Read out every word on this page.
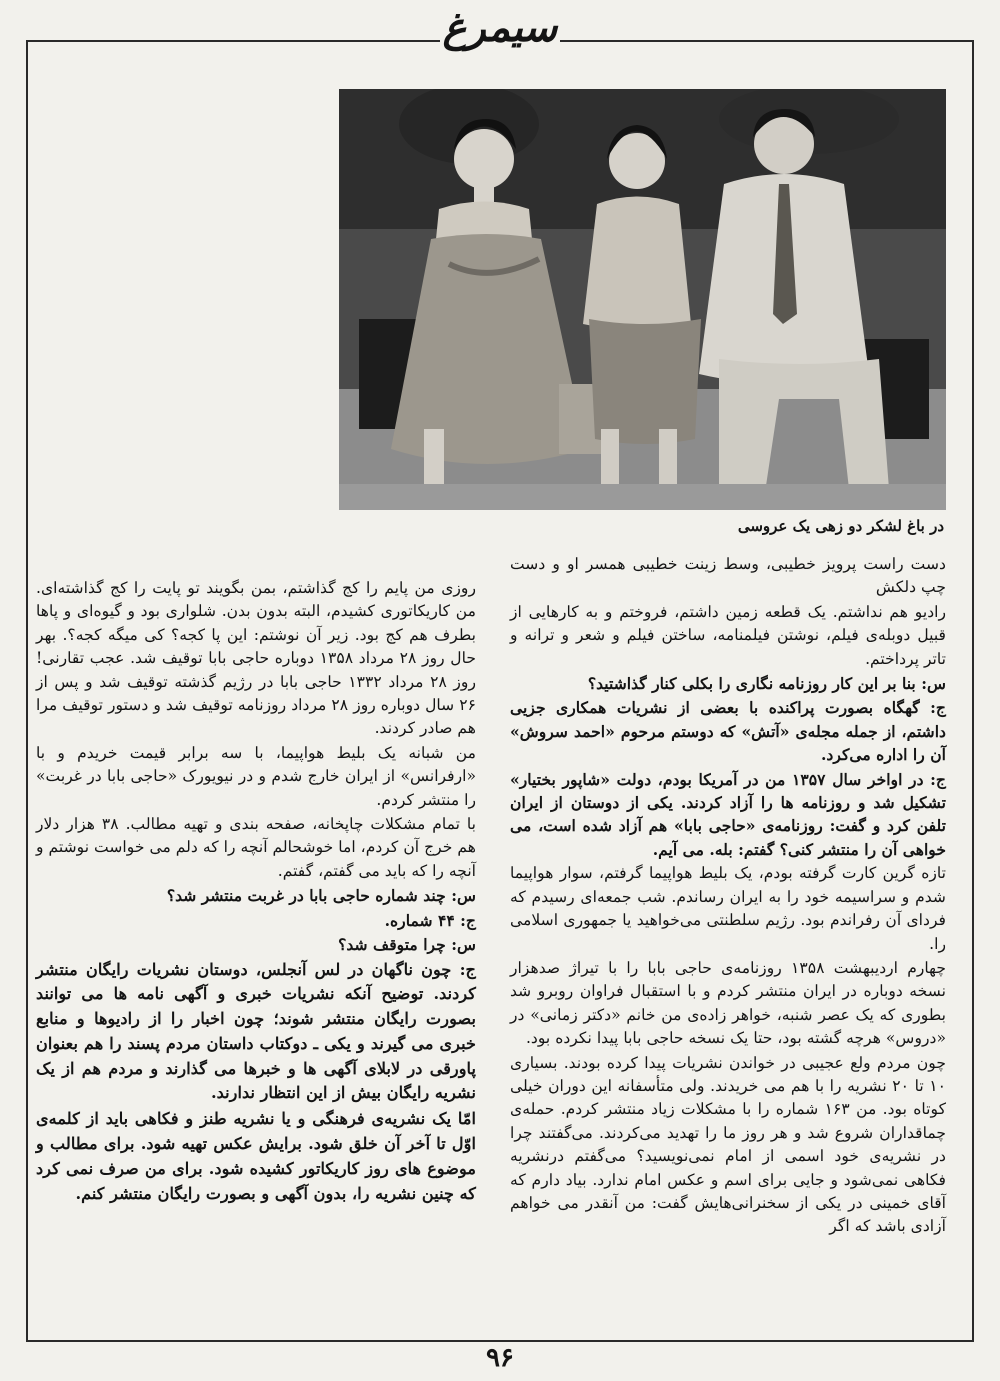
سیمرغ
در باغ لشکر دو زهی یک عروسی

دست راست پرویز خطیبی، وسط زینت خطیبی همسر او و دست چپ دلکش

رادیو هم نداشتم. یک قطعه زمین داشتم، فروختم و به کارهایی از قبیل دوبله‌ی فیلم، نوشتن فیلمنامه، ساختن فیلم و شعر و ترانه و تاتر پرداختم.

س: بنا بر این کار روزنامه نگاری را بکلی کنار گذاشتید؟

ج: گهگاه بصورت پراکنده با بعضی از نشریات همکاری جزیی داشتم، از جمله مجله‌ی «آتش» که دوستم مرحوم «احمد سروش» آن را اداره می‌کرد.

ج: در اواخر سال ۱۳۵۷ من در آمریکا بودم، دولت «شاپور بختیار» تشکیل شد و روزنامه ها را آزاد کردند. یکی از دوستان از ایران تلفن کرد و گفت: روزنامه‌ی «حاجی بابا» هم آزاد شده است، می خواهی آن را منتشر کنی؟ گفتم: بله. می آیم.

تازه گرین کارت گرفته بودم، یک بلیط هواپیما گرفتم، سوار هواپیما شدم و سراسیمه خود را به ایران رساندم. شب جمعه‌ای رسیدم که فردای آن رفراندم بود. رژیم سلطنتی می‌خواهید یا جمهوری اسلامی را.

چهارم اردیبهشت ۱۳۵۸ روزنامه‌ی حاجی بابا را با تیراژ صدهزار نسخه دوباره در ایران منتشر کردم و با استقبال فراوان روبرو شد بطوری که یک عصر شنبه، خواهر زاده‌ی من خانم «دکتر زمانی» در «دروس» هرچه گشته بود، حتا یک نسخه حاجی بابا پیدا نکرده بود.

چون مردم ولع عجیبی در خواندن نشریات پیدا کرده بودند. بسیاری ۱۰ تا ۲۰ نشریه را با هم می خریدند. ولی متأسفانه این دوران خیلی کوتاه بود. من ۱۶۳ شماره را با مشکلات زیاد منتشر کردم. حمله‌ی چماقداران شروع شد و هر روز ما را تهدید می‌کردند. می‌گفتند چرا در نشریه‌ی خود اسمی از امام نمی‌نویسید؟ می‌گفتم درنشریه فکاهی نمی‌شود و جایی برای اسم و عکس امام ندارد. بیاد دارم که آقای خمینی در یکی از سخنرانی‌هایش گفت: من آنقدر می خواهم آزادی باشد که اگر

روزی من پایم را کج گذاشتم، بمن بگویند تو پایت را کج گذاشته‌ای. من کاریکاتوری کشیدم، البته بدون بدن. شلواری بود و گیوه‌ای و پاها بطرف هم کج بود. زیر آن نوشتم: این پا کجه؟ کی میگه کجه؟. بهر حال روز ۲۸ مرداد ۱۳۵۸ دوباره حاجی بابا توقیف شد. عجب تقارنی! روز ۲۸ مرداد ۱۳۳۲ حاجی بابا در رژیم گذشته توقیف شد و پس از ۲۶ سال دوباره روز ۲۸ مرداد روزنامه توقیف شد و دستور توقیف مرا هم صادر کردند.

من شبانه یک بلیط هواپیما، با سه برابر قیمت خریدم و با «ارفرانس» از ایران خارج شدم و در نیویورک «حاجی بابا در غربت» را منتشر کردم.

با تمام مشکلات چاپخانه، صفحه بندی و تهیه مطالب. ۳۸ هزار دلار هم خرج آن کردم، اما خوشحالم آنچه را که دلم می خواست نوشتم و آنچه را که باید می گفتم، گفتم.

س: چند شماره حاجی بابا در غربت منتشر شد؟

ج: ۴۴ شماره.

س: چرا متوقف شد؟

ج: چون ناگهان در لس آنجلس، دوستان نشریات رایگان منتشر کردند. توضیح آنکه نشریات خبری و آگهی نامه ها می توانند بصورت رایگان منتشر شوند؛ چون اخبار را از رادیوها و منابع خبری می گیرند و یکی ـ دوکتاب داستان مردم پسند را هم بعنوان پاورقی در لابلای آگهی ها و خبرها می گذارند و مردم هم از یک نشریه رایگان بیش از این انتظار ندارند.

امّا یک نشریه‌ی فرهنگی و یا نشریه طنز و فکاهی باید از کلمه‌ی اوّل تا آخر آن خلق شود. برایش عکس تهیه شود. برای مطالب و موضوع های روز کاریکاتور کشیده شود. برای من صرف نمی کرد که چنین نشریه را، بدون آگهی و بصورت رایگان منتشر کنم.

۹۶
